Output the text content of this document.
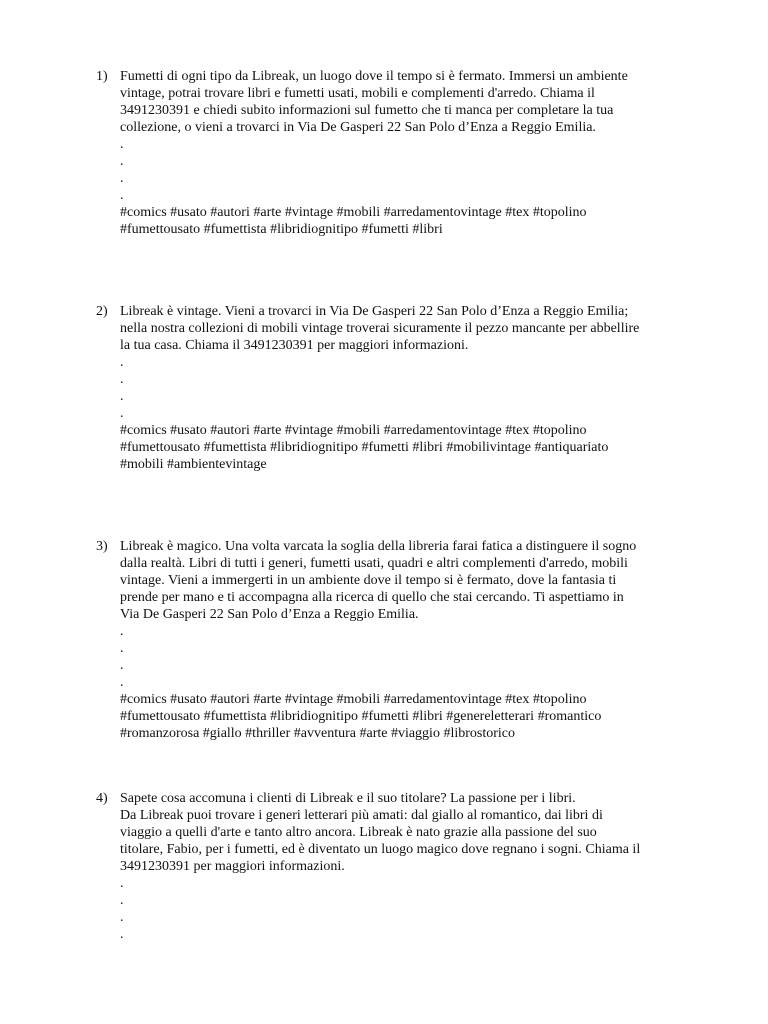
1) Fumetti di ogni tipo da Libreak, un luogo dove il tempo si è fermato. Immersi un ambiente
vintage, potrai trovare libri e fumetti usati, mobili e complementi d'arredo. Chiama il
3491230391 e chiedi subito informazioni sul fumetto che ti manca per completare la tua
collezione, o vieni a trovarci in Via De Gasperi 22 San Polo d’Enza a Reggio Emilia.
.
.
.
.
#comics #usato #autori #arte #vintage #mobili #arredamentovintage #tex #topolino
#fumettousato #fumettista #libridiognitipo #fumetti #libri
2) Libreak è vintage. Vieni a trovarci in Via De Gasperi 22 San Polo d’Enza a Reggio Emilia;
nella nostra collezioni di mobili vintage troverai sicuramente il pezzo mancante per abbellire
la tua casa. Chiama il 3491230391 per maggiori informazioni.
.
.
.
.
#comics #usato #autori #arte #vintage #mobili #arredamentovintage #tex #topolino
#fumettousato #fumettista #libridiognitipo #fumetti #libri #mobilivintage #antiquariato
#mobili #ambientevintage
3) Libreak è magico. Una volta varcata la soglia della libreria farai fatica a distinguere il sogno
dalla realtà. Libri di tutti i generi, fumetti usati, quadri e altri complementi d'arredo, mobili
vintage. Vieni a immergerti in un ambiente dove il tempo si è fermato, dove la fantasia ti
prende per mano e ti accompagna alla ricerca di quello che stai cercando. Ti aspettiamo in
Via De Gasperi 22 San Polo d’Enza a Reggio Emilia.
.
.
.
.
#comics #usato #autori #arte #vintage #mobili #arredamentovintage #tex #topolino
#fumettousato #fumettista #libridiognitipo #fumetti #libri #genereletterari #romantico
#romanzorosa #giallo #thriller #avventura #arte #viaggio #librostorico
4) Sapete cosa accomuna i clienti di Libreak e il suo titolare? La passione per i libri.
Da Libreak puoi trovare i generi letterari più amati: dal giallo al romantico, dai libri di
viaggio a quelli d'arte e tanto altro ancora. Libreak è nato grazie alla passione del suo
titolare, Fabio, per i fumetti, ed è diventato un luogo magico dove regnano i sogni. Chiama il
3491230391 per maggiori informazioni.
.
.
.
.
